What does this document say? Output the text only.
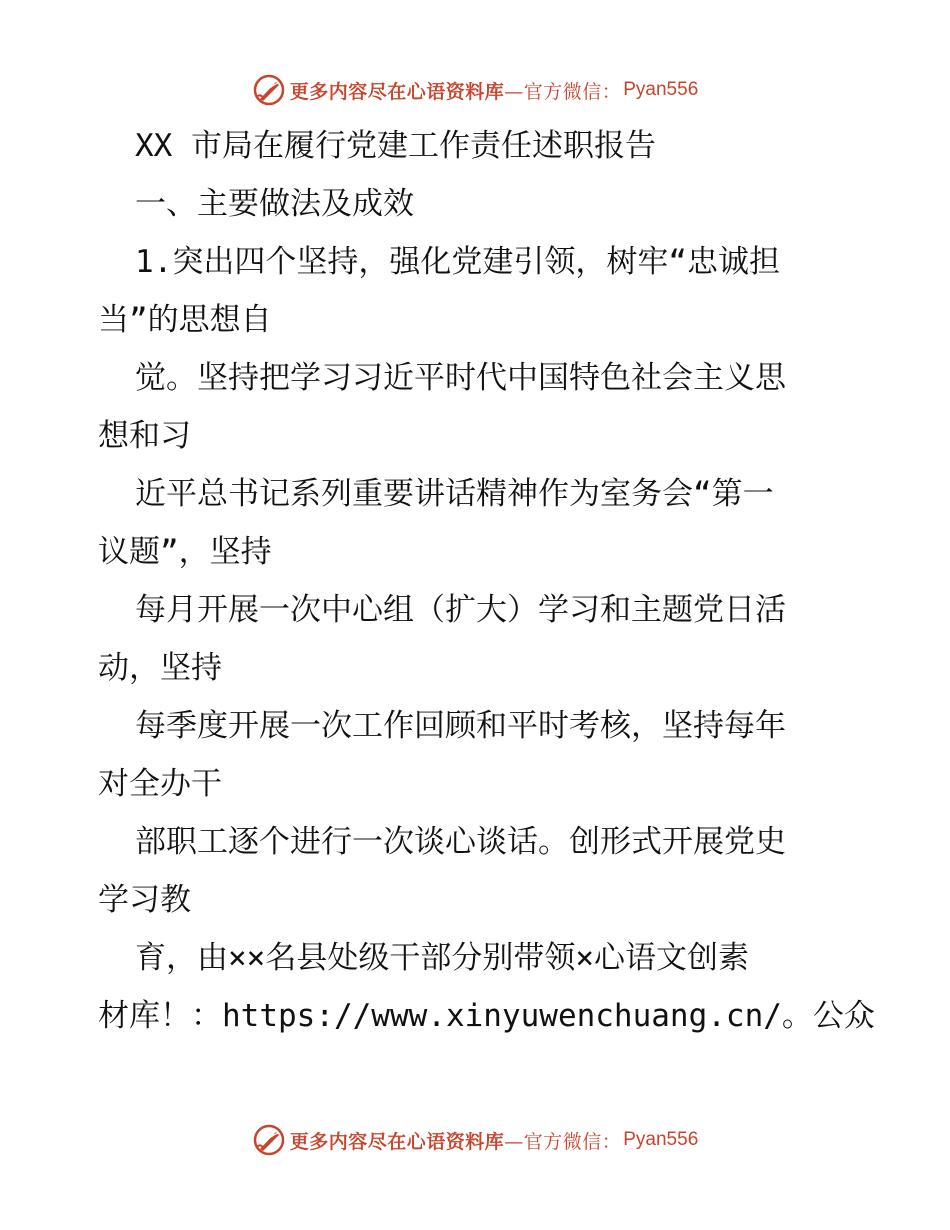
更多内容尽在心语资料库 —官方微信： Pyan556
XX 市局在履行党建工作责任述职报告
一、主要做法及成效
1.突出四个坚持，强化党建引领，树牢“忠诚担
当”的思想自
觉。坚持把学习习近平时代中国特色社会主义思
想和习
近平总书记系列重要讲话精神作为室务会“第一
议题”，坚持
每月开展一次中心组（扩大）学习和主题党日活
动，坚持
每季度开展一次工作回顾和平时考核，坚持每年
对全办干
部职工逐个进行一次谈心谈话。创形式开展党史
学习教
育，由××名县处级干部分别带领×心语文创素
材库！：https://www.xinyuwenchuang.cn/。公众
更多内容尽在心语资料库 —官方微信： Pyan556
